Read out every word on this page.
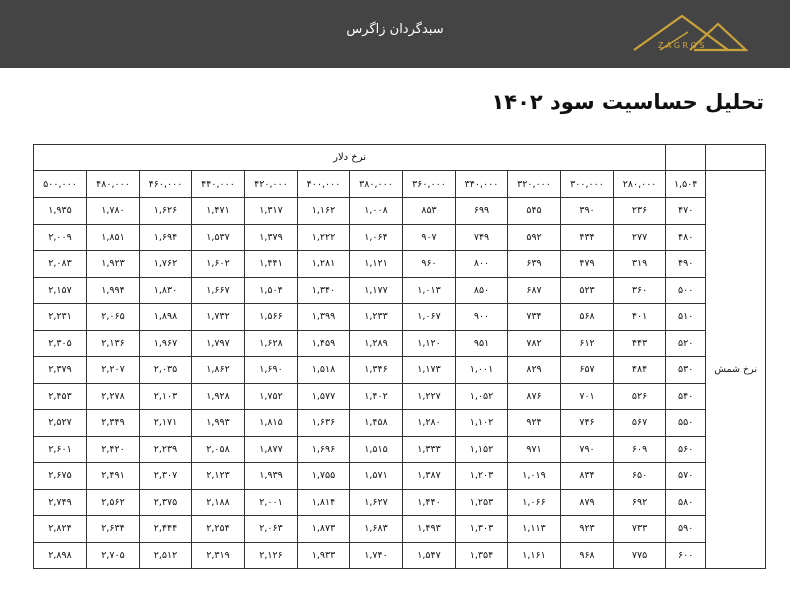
سبدگردان زاگرس
ZAGROS
تحلیل حساسیت سود ۱۴۰۲
نرخ دلار													
۵۰۰,۰۰۰	۴۸۰,۰۰۰	۴۶۰,۰۰۰	۴۴۰,۰۰۰	۴۲۰,۰۰۰	۴۰۰,۰۰۰	۳۸۰,۰۰۰	۳۶۰,۰۰۰	۳۴۰,۰۰۰	۳۲۰,۰۰۰	۳۰۰,۰۰۰	۲۸۰,۰۰۰	۱,۵۰۴	نرخ شمش
۱,۹۳۵	۱,۷۸۰	۱,۶۲۶	۱,۴۷۱	۱,۳۱۷	۱,۱۶۲	۱,۰۰۸	۸۵۳	۶۹۹	۵۴۵	۳۹۰	۲۳۶	۴۷۰	
۲,۰۰۹	۱,۸۵۱	۱,۶۹۴	۱,۵۳۷	۱,۳۷۹	۱,۲۲۲	۱,۰۶۴	۹۰۷	۷۴۹	۵۹۲	۴۳۴	۲۷۷	۴۸۰	
۲,۰۸۳	۱,۹۲۳	۱,۷۶۲	۱,۶۰۲	۱,۴۴۱	۱,۲۸۱	۱,۱۲۱	۹۶۰	۸۰۰	۶۳۹	۴۷۹	۳۱۹	۴۹۰	
۲,۱۵۷	۱,۹۹۴	۱,۸۳۰	۱,۶۶۷	۱,۵۰۴	۱,۳۴۰	۱,۱۷۷	۱,۰۱۳	۸۵۰	۶۸۷	۵۲۳	۳۶۰	۵۰۰	
۲,۲۳۱	۲,۰۶۵	۱,۸۹۸	۱,۷۳۲	۱,۵۶۶	۱,۳۹۹	۱,۲۳۳	۱,۰۶۷	۹۰۰	۷۳۴	۵۶۸	۴۰۱	۵۱۰	
۲,۳۰۵	۲,۱۳۶	۱,۹۶۷	۱,۷۹۷	۱,۶۲۸	۱,۴۵۹	۱,۲۸۹	۱,۱۲۰	۹۵۱	۷۸۲	۶۱۲	۴۴۳	۵۲۰	
۲,۳۷۹	۲,۲۰۷	۲,۰۳۵	۱,۸۶۲	۱,۶۹۰	۱,۵۱۸	۱,۳۴۶	۱,۱۷۳	۱,۰۰۱	۸۲۹	۶۵۷	۴۸۴	۵۳۰	
۲,۴۵۳	۲,۲۷۸	۲,۱۰۳	۱,۹۲۸	۱,۷۵۲	۱,۵۷۷	۱,۴۰۲	۱,۲۲۷	۱,۰۵۲	۸۷۶	۷۰۱	۵۲۶	۵۴۰	
۲,۵۲۷	۲,۳۴۹	۲,۱۷۱	۱,۹۹۳	۱,۸۱۵	۱,۶۳۶	۱,۴۵۸	۱,۲۸۰	۱,۱۰۲	۹۲۴	۷۴۶	۵۶۷	۵۵۰	
۲,۶۰۱	۲,۴۲۰	۲,۲۳۹	۲,۰۵۸	۱,۸۷۷	۱,۶۹۶	۱,۵۱۵	۱,۳۳۳	۱,۱۵۲	۹۷۱	۷۹۰	۶۰۹	۵۶۰	
۲,۶۷۵	۲,۴۹۱	۲,۳۰۷	۲,۱۲۳	۱,۹۳۹	۱,۷۵۵	۱,۵۷۱	۱,۳۸۷	۱,۲۰۳	۱,۰۱۹	۸۳۴	۶۵۰	۵۷۰	
۲,۷۴۹	۲,۵۶۲	۲,۳۷۵	۲,۱۸۸	۲,۰۰۱	۱,۸۱۴	۱,۶۲۷	۱,۴۴۰	۱,۲۵۳	۱,۰۶۶	۸۷۹	۶۹۲	۵۸۰	
۲,۸۲۴	۲,۶۳۴	۲,۴۴۴	۲,۲۵۴	۲,۰۶۳	۱,۸۷۳	۱,۶۸۳	۱,۴۹۳	۱,۳۰۳	۱,۱۱۳	۹۲۳	۷۳۳	۵۹۰	
۲,۸۹۸	۲,۷۰۵	۲,۵۱۲	۲,۳۱۹	۲,۱۲۶	۱,۹۳۳	۱,۷۴۰	۱,۵۴۷	۱,۳۵۴	۱,۱۶۱	۹۶۸	۷۷۵	۶۰۰	
